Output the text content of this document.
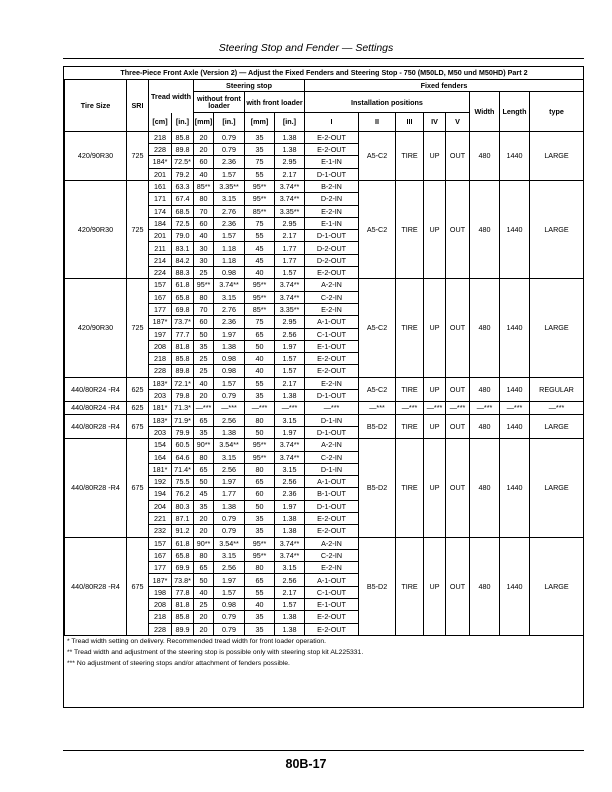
Steering Stop and Fender — Settings
Three-Piece Front Axle (Version 2) — Adjust the Fixed Fenders and Steering Stop - 750 (M50LD, M50 und M50HD) Part 2															
Tire Size	SRI	Tread width		Steering stop				Fixed fenders							
				without front loader		with front loader		Installation positions					Width	Length	type
		[cm]	[in.]	[mm]	[in.]	[mm]	[in.]	I	II	III	IV	V			
420/90R30	725	218	85.8	20	0.79	35	1.38	E-2-OUT	A5-C2	TIRE	UP	OUT	480	1440	LARGE
		228	89.8	20	0.79	35	1.38	E-2-OUT							
		184*	72.5*	60	2.36	75	2.95	E-1-IN							
		201	79.2	40	1.57	55	2.17	D-1-OUT							
420/90R30	725	161	63.3	85**	3.35**	95**	3.74**	B-2-IN	A5-C2	TIRE	UP	OUT	480	1440	LARGE
		171	67.4	80	3.15	95**	3.74**	D-2-IN							
		174	68.5	70	2.76	85**	3.35**	E-2-IN							
		184	72.5	60	2.36	75	2.95	E-1-IN							
		201	79.0	40	1.57	55	2.17	D-1-OUT							
		211	83.1	30	1.18	45	1.77	D-2-OUT							
		214	84.2	30	1.18	45	1.77	D-2-OUT							
		224	88.3	25	0.98	40	1.57	E-2-OUT							
420/90R30	725	157	61.8	95**	3.74**	95**	3.74**	A-2-IN	A5-C2	TIRE	UP	OUT	480	1440	LARGE
		167	65.8	80	3.15	95**	3.74**	C-2-IN							
		177	69.8	70	2.76	85**	3.35**	E-2-IN							
		187*	73.7*	60	2.36	75	2.95	A-1-OUT							
		197	77.7	50	1.97	65	2.56	C-1-OUT							
		208	81.8	35	1.38	50	1.97	E-1-OUT							
		218	85.8	25	0.98	40	1.57	E-2-OUT							
		228	89.8	25	0.98	40	1.57	E-2-OUT							
440/80R24 -R4	625	183*	72.1*	40	1.57	55	2.17	E-2-IN	A5-C2	TIRE	UP	OUT	480	1440	REGULAR
		203	79.8	20	0.79	35	1.38	D-1-OUT							
440/80R24 -R4	625	181*	71.3*	—***	—***	—***	—***	—***	—***	—***	—***	—***	—***	—***	—***
440/80R28 -R4	675	183*	71.9*	65	2.56	80	3.15	D-1-IN	B5-D2	TIRE	UP	OUT	480	1440	LARGE
		203	79.9	35	1.38	50	1.97	D-1-OUT							
440/80R28 -R4	675	154	60.5	90**	3.54**	95**	3.74**	A-2-IN	B5-D2	TIRE	UP	OUT	480	1440	LARGE
		164	64.6	80	3.15	95**	3.74**	C-2-IN							
		181*	71.4*	65	2.56	80	3.15	D-1-IN							
		192	75.5	50	1.97	65	2.56	A-1-OUT							
		194	76.2	45	1.77	60	2.36	B-1-OUT							
		204	80.3	35	1.38	50	1.97	D-1-OUT							
		221	87.1	20	0.79	35	1.38	E-2-OUT							
		232	91.2	20	0.79	35	1.38	E-2-OUT							
440/80R28 -R4	675	157	61.8	90**	3.54**	95**	3.74**	A-2-IN	B5-D2	TIRE	UP	OUT	480	1440	LARGE
		167	65.8	80	3.15	95**	3.74**	C-2-IN							
		177	69.9	65	2.56	80	3.15	E-2-IN							
		187*	73.8*	50	1.97	65	2.56	A-1-OUT							
		198	77.8	40	1.57	55	2.17	C-1-OUT							
		208	81.8	25	0.98	40	1.57	E-1-OUT							
		218	85.8	20	0.79	35	1.38	E-2-OUT							
		228	89.9	20	0.79	35	1.38	E-2-OUT							
* Tread width setting on delivery. Recommended tread width for front loader operation.
** Tread width and adjustment of the steering stop is possible only with steering stop kit AL225331.
*** No adjustment of steering stops and/or attachment of fenders possible.
80B-17
